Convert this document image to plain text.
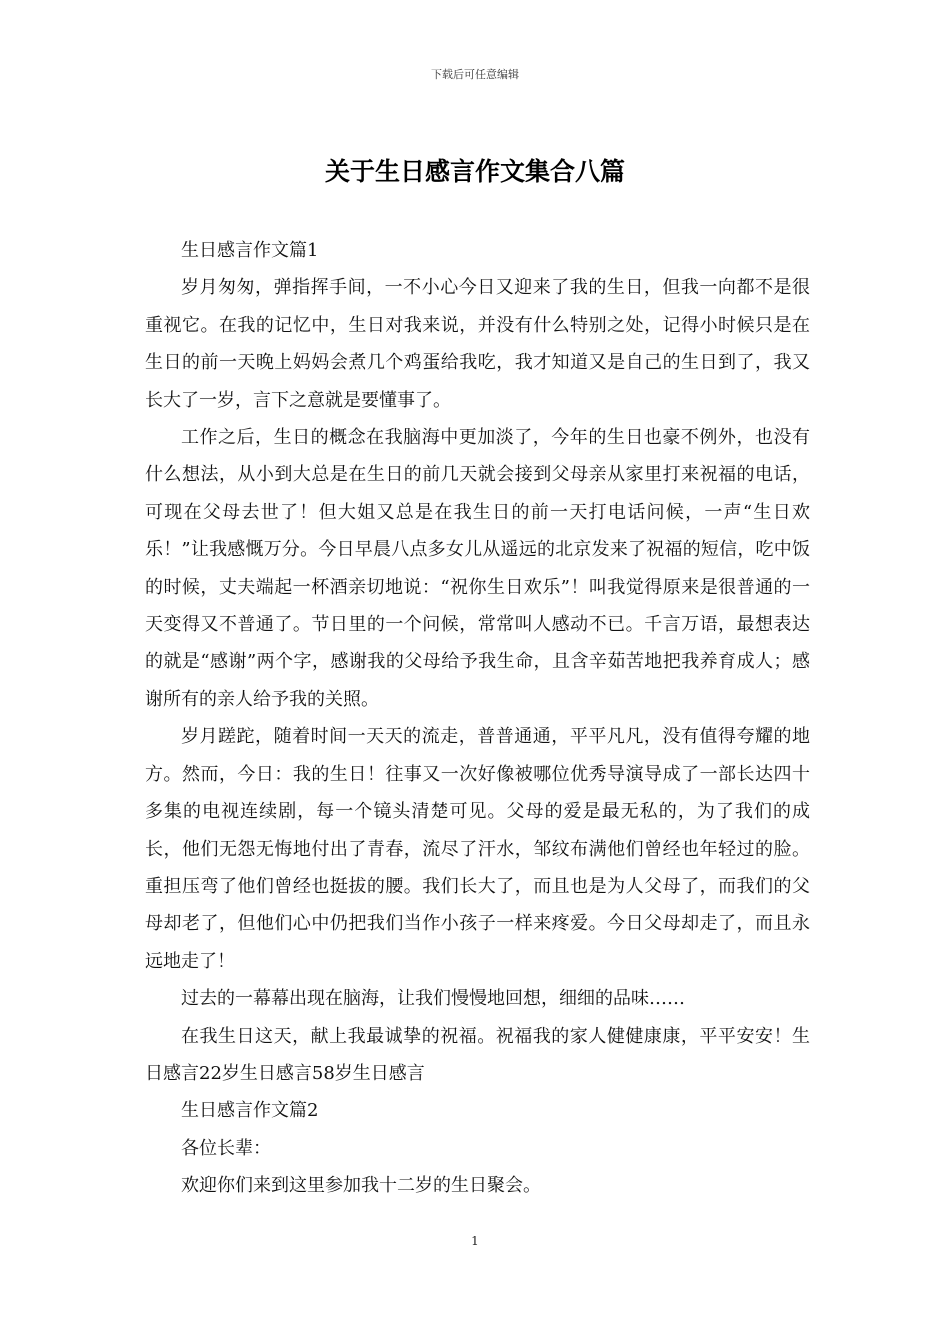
下载后可任意编辑
关于生日感言作文集合八篇

生日感言作文篇1

岁月匆匆，弹指挥手间，一不小心今日又迎来了我的生日，但我一向都不是很重视它。在我的记忆中，生日对我来说，并没有什么特别之处，记得小时候只是在生日的前一天晚上妈妈会煮几个鸡蛋给我吃，我才知道又是自己的生日到了，我又长大了一岁，言下之意就是要懂事了。

工作之后，生日的概念在我脑海中更加淡了，今年的生日也豪不例外，也没有什么想法，从小到大总是在生日的前几天就会接到父母亲从家里打来祝福的电话，可现在父母去世了！但大姐又总是在我生日的前一天打电话问候，一声“生日欢乐！”让我感慨万分。今日早晨八点多女儿从遥远的北京发来了祝福的短信，吃中饭的时候，丈夫端起一杯酒亲切地说：“祝你生日欢乐”！叫我觉得原来是很普通的一天变得又不普通了。节日里的一个问候，常常叫人感动不已。千言万语，最想表达的就是“感谢”两个字，感谢我的父母给予我生命，且含辛茹苦地把我养育成人；感谢所有的亲人给予我的关照。

岁月蹉跎，随着时间一天天的流走，普普通通，平平凡凡，没有值得夸耀的地方。然而，今日：我的生日！往事又一次好像被哪位优秀导演导成了一部长达四十多集的电视连续剧，每一个镜头清楚可见。父母的爱是最无私的，为了我们的成长，他们无怨无悔地付出了青春，流尽了汗水，邹纹布满他们曾经也年轻过的脸。重担压弯了他们曾经也挺拔的腰。我们长大了，而且也是为人父母了，而我们的父母却老了，但他们心中仍把我们当作小孩子一样来疼爱。今日父母却走了，而且永远地走了！

过去的一幕幕出现在脑海，让我们慢慢地回想，细细的品味……

在我生日这天，献上我最诚挚的祝福。祝福我的家人健健康康，平平安安！生日感言22岁生日感言58岁生日感言

生日感言作文篇2

各位长辈：

欢迎你们来到这里参加我十二岁的生日聚会。

1
